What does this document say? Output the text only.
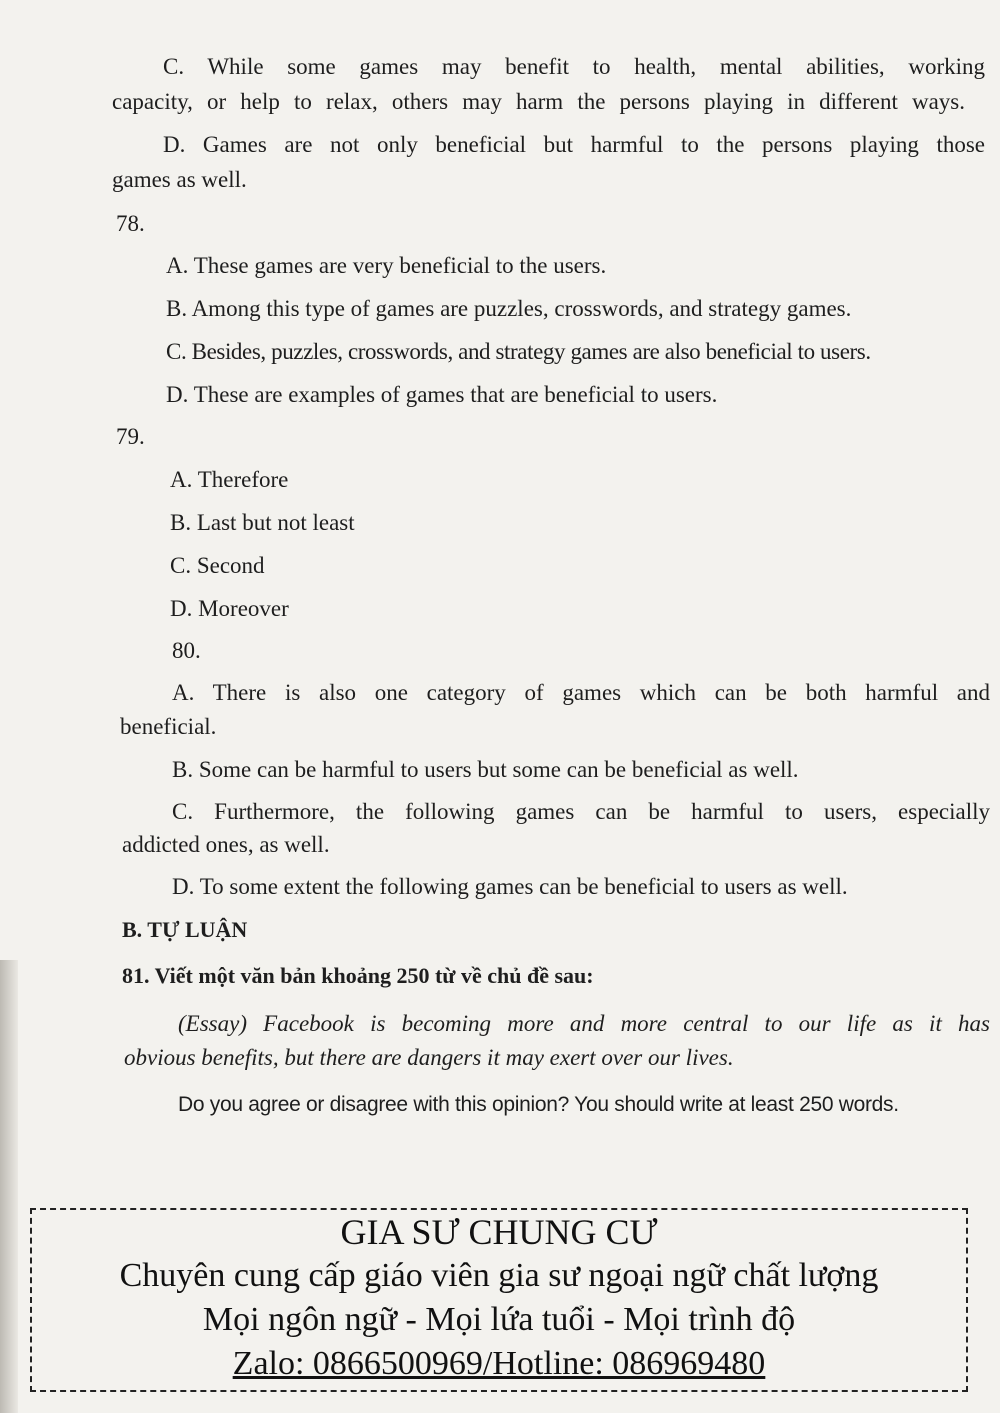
C. While some games may benefit to health, mental abilities, working
capacity, or help to relax, others may harm the persons playing in different ways.
D. Games are not only beneficial but harmful to the persons playing those
games as well.
78.
A. These games are very beneficial to the users.
B. Among this type of games are puzzles, crosswords, and strategy games.
C. Besides, puzzles, crosswords, and strategy games are also beneficial to users.
D. These are examples of games that are beneficial to users.
79.
A. Therefore
B. Last but not least
C. Second
D. Moreover
80.
A. There is also one category of games which can be both harmful and
beneficial.
B. Some can be harmful to users but some can be beneficial as well.
C. Furthermore, the following games can be harmful to users, especially
addicted ones, as well.
D. To some extent the following games can be beneficial to users as well.
B. TỰ LUẬN
81. Viết một văn bản khoảng 250 từ về chủ đề sau:
(Essay) Facebook is becoming more and more central to our life as it has
obvious benefits, but there are dangers it may exert over our lives.
Do you agree or disagree with this opinion? You should write at least 250 words.
GIA SƯ CHUNG CƯ
Chuyên cung cấp giáo viên gia sư ngoại ngữ chất lượng
Mọi ngôn ngữ - Mọi lứa tuổi - Mọi trình độ
Zalo: 0866500969/Hotline: 086969480
